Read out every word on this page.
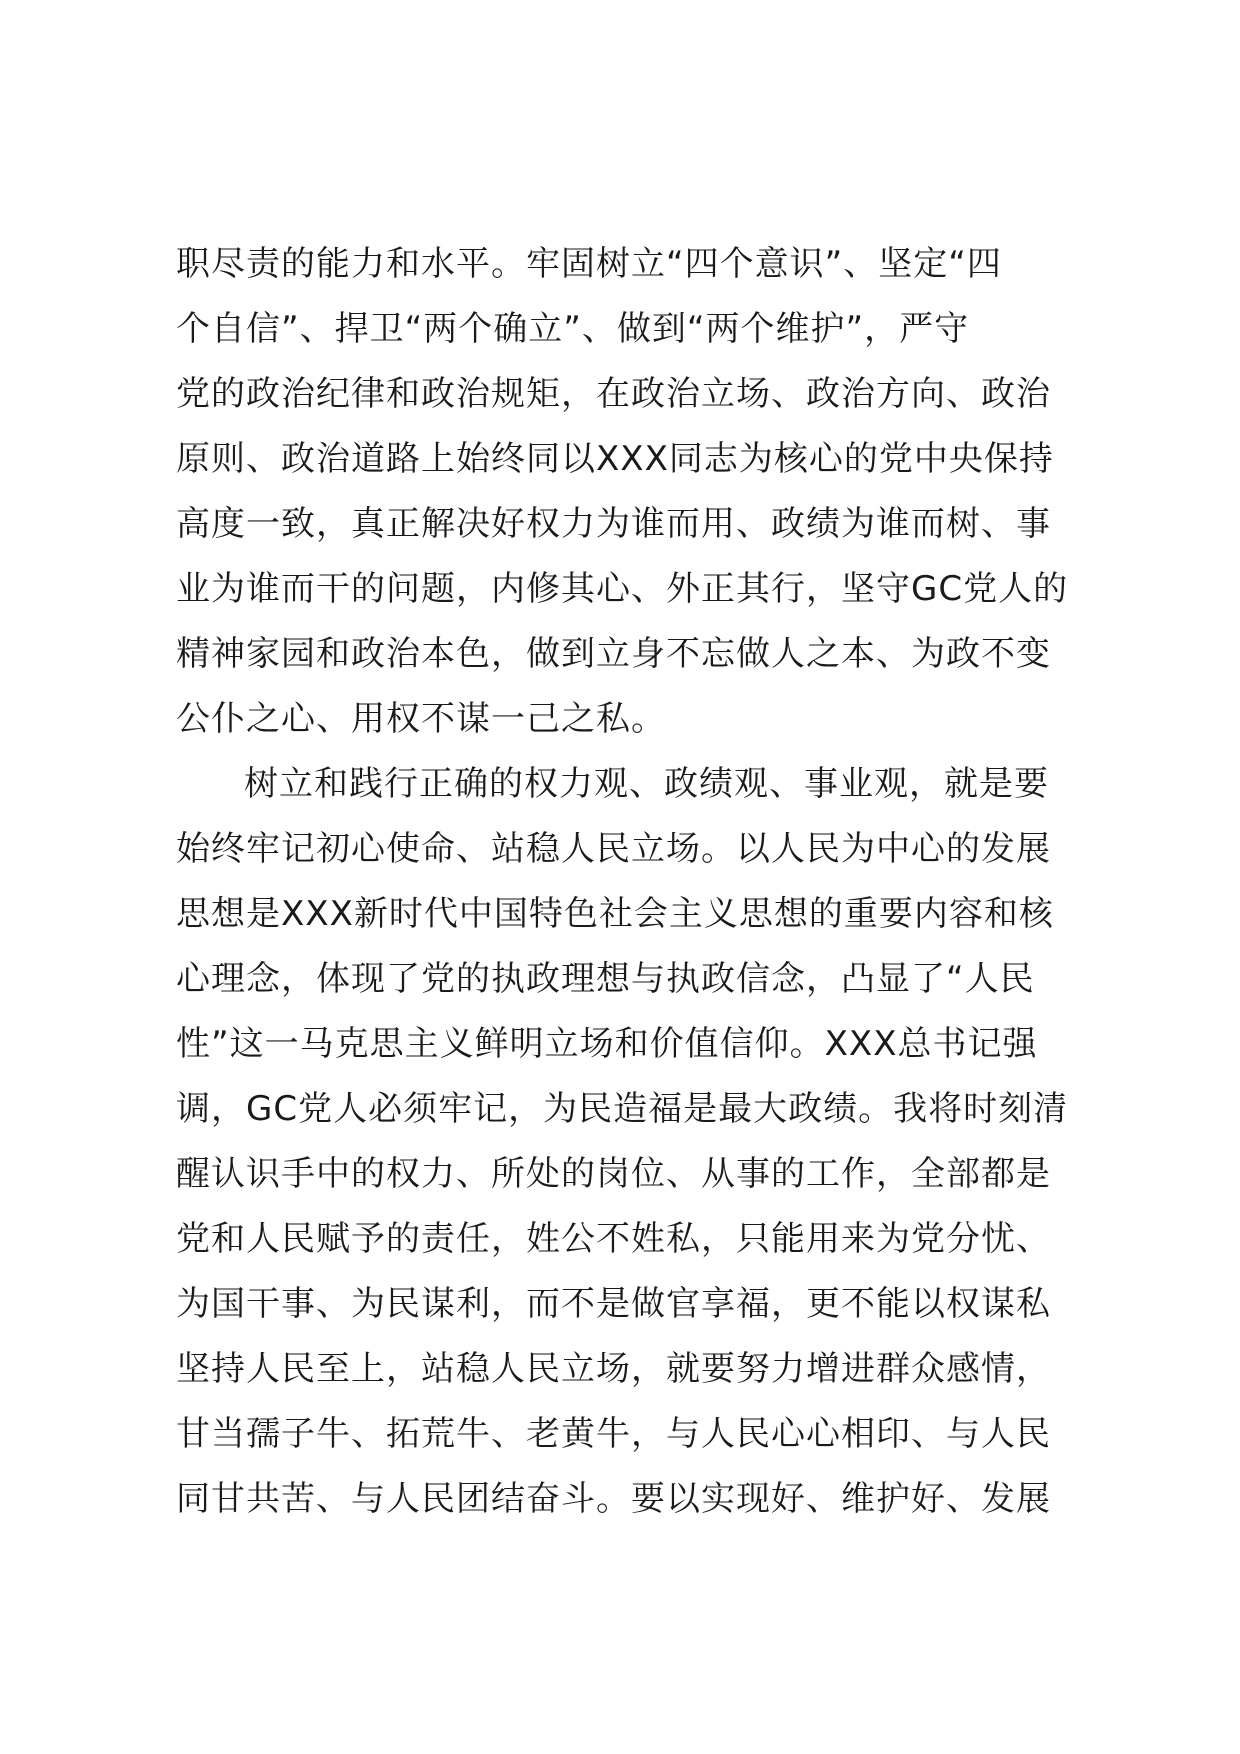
职尽责的能力和水平。牢固树立“四个意识”、坚定“四
个自信”、捍卫“两个确立”、做到“两个维护”，严守
党的政治纪律和政治规矩，在政治立场、政治方向、政治
原则、政治道路上始终同以XXX同志为核心的党中央保持
高度一致，真正解决好权力为谁而用、政绩为谁而树、事
业为谁而干的问题，内修其心、外正其行，坚守GC党人的
精神家园和政治本色，做到立身不忘做人之本、为政不变
公仆之心、用权不谋一己之私。
树立和践行正确的权力观、政绩观、事业观，就是要
始终牢记初心使命、站稳人民立场。以人民为中心的发展
思想是XXX新时代中国特色社会主义思想的重要内容和核
心理念，体现了党的执政理想与执政信念，凸显了“人民
性”这一马克思主义鲜明立场和价值信仰。XXX总书记强
调，GC党人必须牢记，为民造福是最大政绩。我将时刻清
醒认识手中的权力、所处的岗位、从事的工作，全部都是
党和人民赋予的责任，姓公不姓私，只能用来为党分忧、
为国干事、为民谋利，而不是做官享福，更不能以权谋私
坚持人民至上，站稳人民立场，就要努力增进群众感情，
甘当孺子牛、拓荒牛、老黄牛，与人民心心相印、与人民
同甘共苦、与人民团结奋斗。要以实现好、维护好、发展
